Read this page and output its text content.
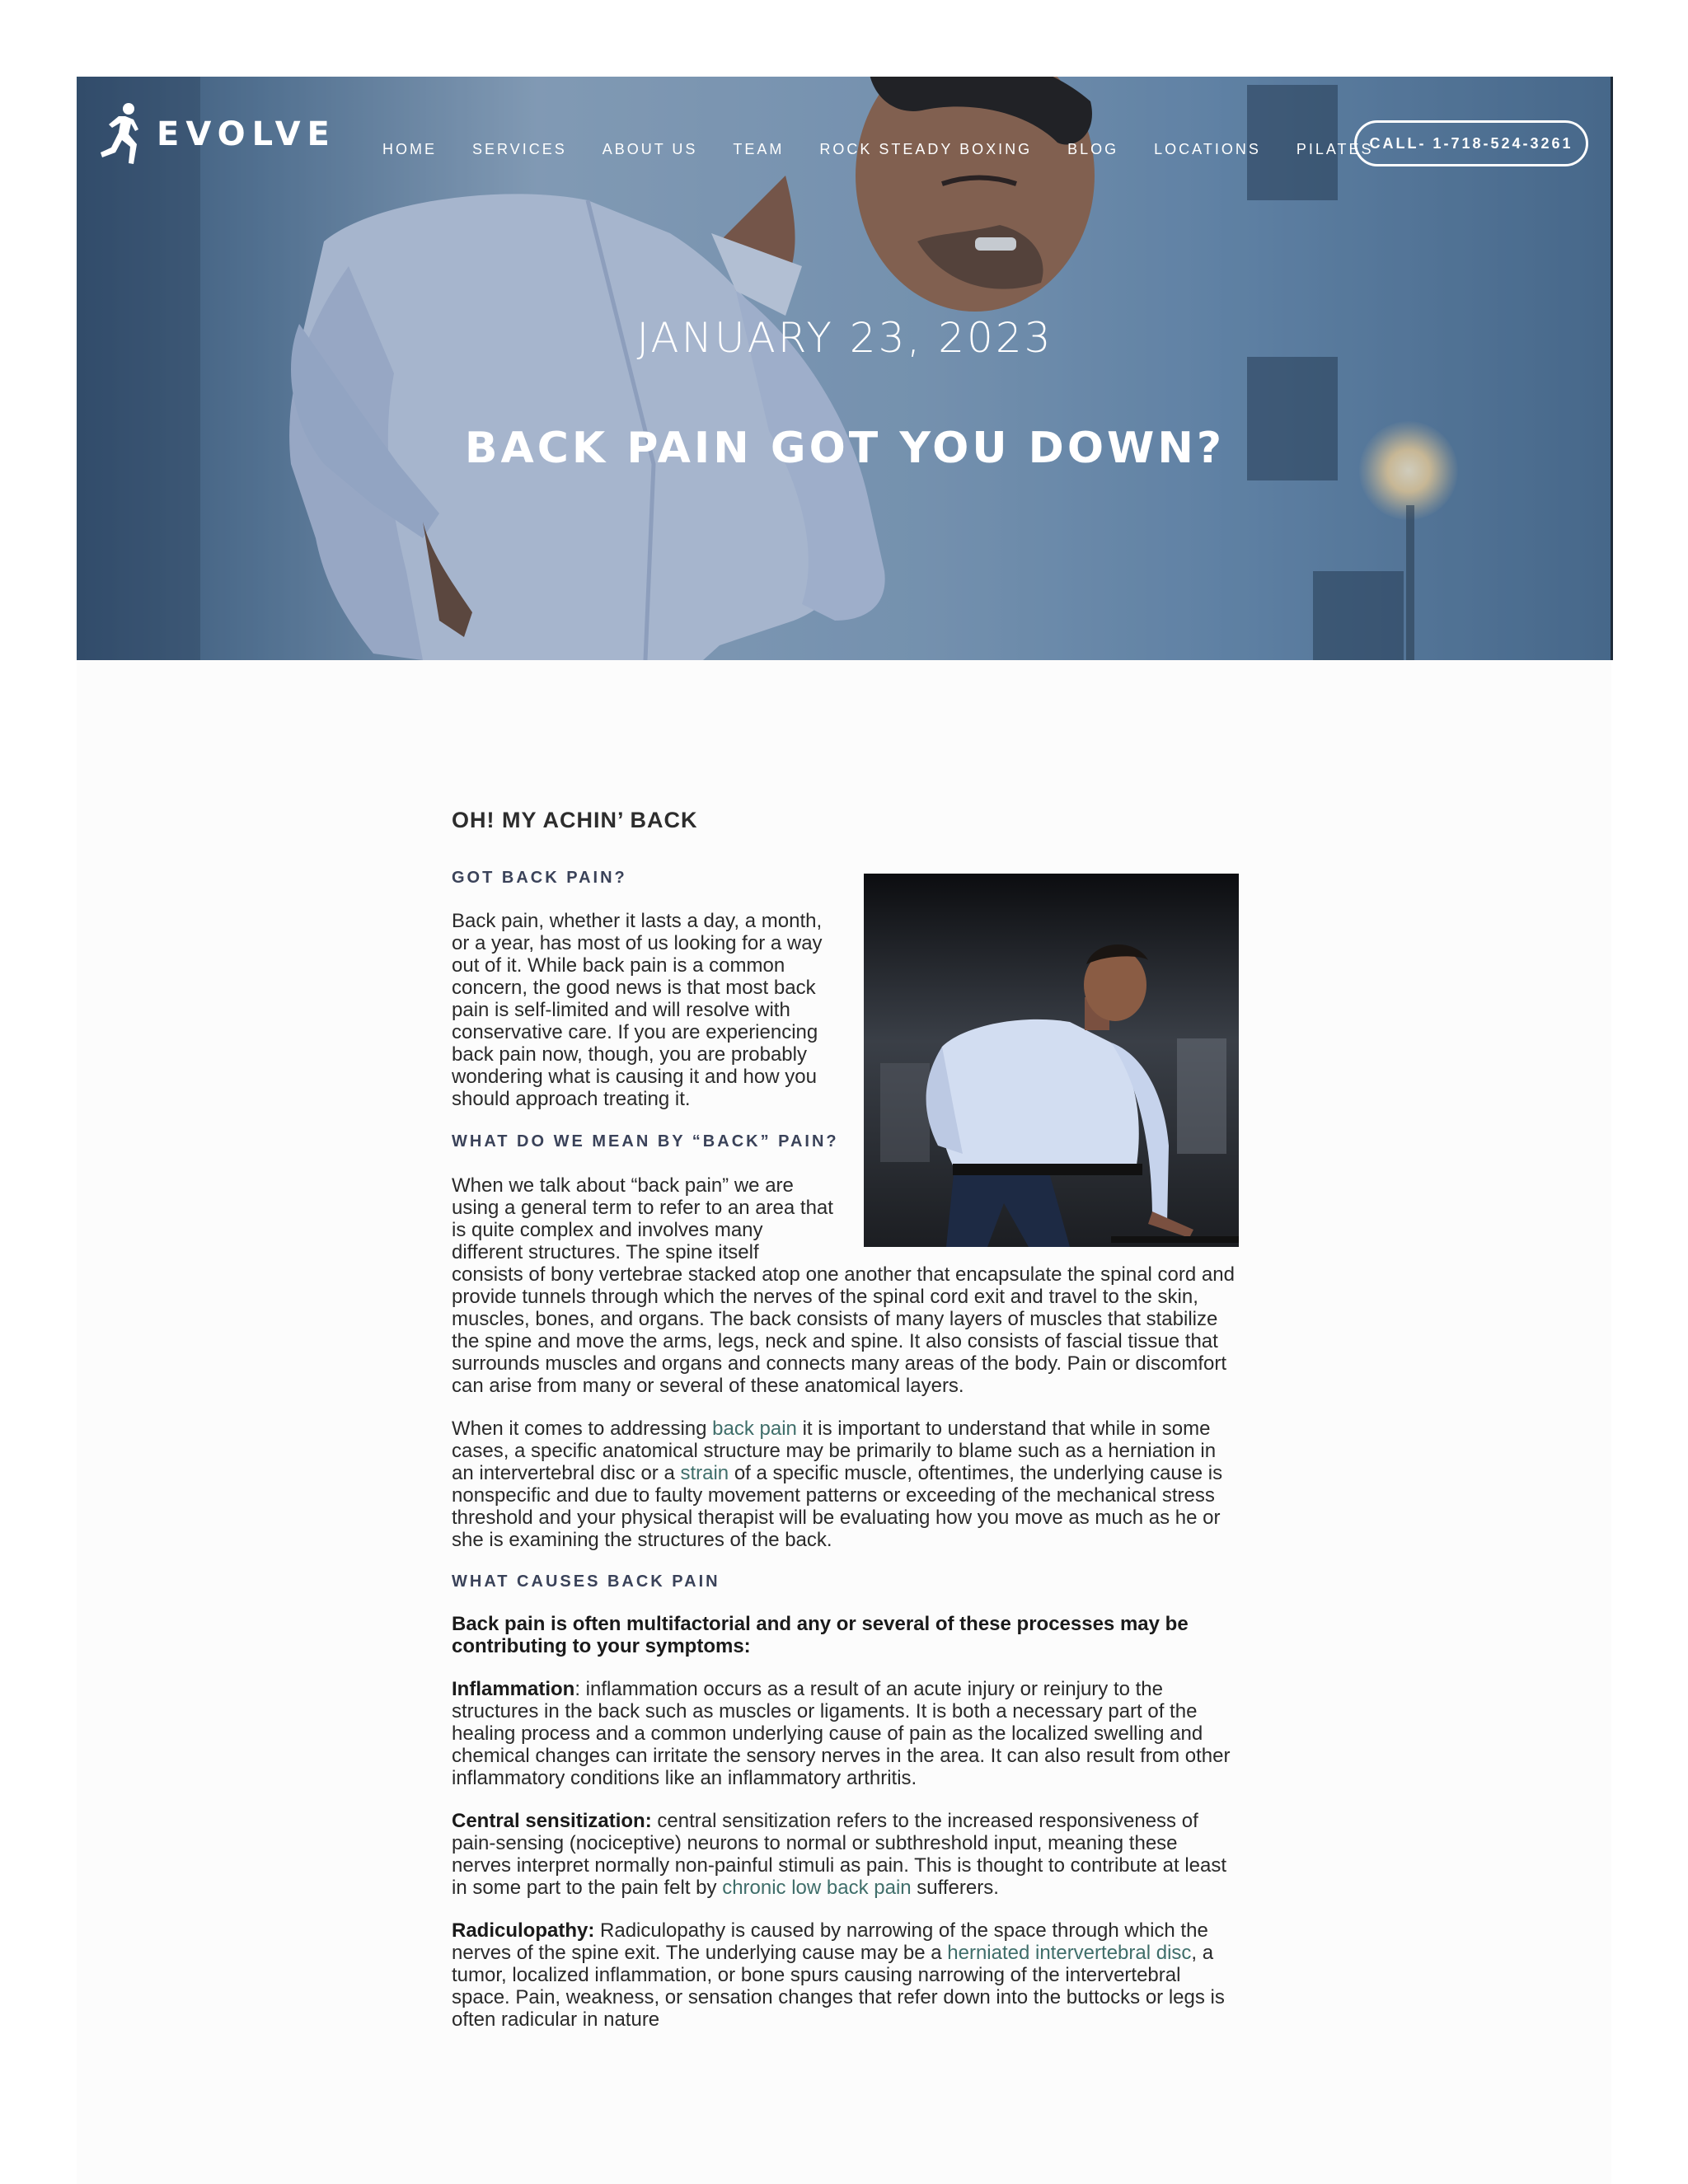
EVOLVE	HOME SERVICES ABOUT US TEAM ROCK STEADY BOXING BLOG LOCATIONS PILATES
CALL- 1-718-524-3261
JANUARY 23, 2023
BACK PAIN GOT YOU DOWN?
OH! MY ACHIN’ BACK
GOT BACK PAIN?

Back pain, whether it lasts a day, a month, or a year, has most of us looking for a way out of it. While back pain is a common concern, the good news is that most back pain is self-limited and will resolve with conservative care. If you are experiencing back pain now, though, you are probably wondering what is causing it and how you should approach treating it.

WHAT DO WE MEAN BY “BACK” PAIN?

When we talk about “back pain” we are using a general term to refer to an area that is quite complex and involves many different structures. The spine itself

consists of bony vertebrae stacked atop one another that encapsulate the spinal cord and provide tunnels through which the nerves of the spinal cord exit and travel to the skin, muscles, bones, and organs. The back consists of many layers of muscles that stabilize the spine and move the arms, legs, neck and spine. It also consists of fascial tissue that surrounds muscles and organs and connects many areas of the body. Pain or discomfort can arise from many or several of these anatomical layers.

When it comes to addressing back pain it is important to understand that while in some cases, a specific anatomical structure may be primarily to blame such as a herniation in an intervertebral disc or a strain of a specific muscle, oftentimes, the underlying cause is nonspecific and due to faulty movement patterns or exceeding of the mechanical stress threshold and your physical therapist will be evaluating how you move as much as he or she is examining the structures of the back.

WHAT CAUSES BACK PAIN

Back pain is often multifactorial and any or several of these processes may be contributing to your symptoms:

Inflammation: inflammation occurs as a result of an acute injury or reinjury to the structures in the back such as muscles or ligaments. It is both a necessary part of the healing process and a common underlying cause of pain as the localized swelling and chemical changes can irritate the sensory nerves in the area. It can also result from other inflammatory conditions like an inflammatory arthritis.

Central sensitization: central sensitization refers to the increased responsiveness of pain-sensing (nociceptive) neurons to normal or subthreshold input, meaning these nerves interpret normally non-painful stimuli as pain. This is thought to contribute at least in some part to the pain felt by chronic low back pain sufferers.

Radiculopathy: Radiculopathy is caused by narrowing of the space through which the nerves of the spine exit. The underlying cause may be a herniated intervertebral disc, a tumor, localized inflammation, or bone spurs causing narrowing of the intervertebral space. Pain, weakness, or sensation changes that refer down into the buttocks or legs is often radicular in nature
